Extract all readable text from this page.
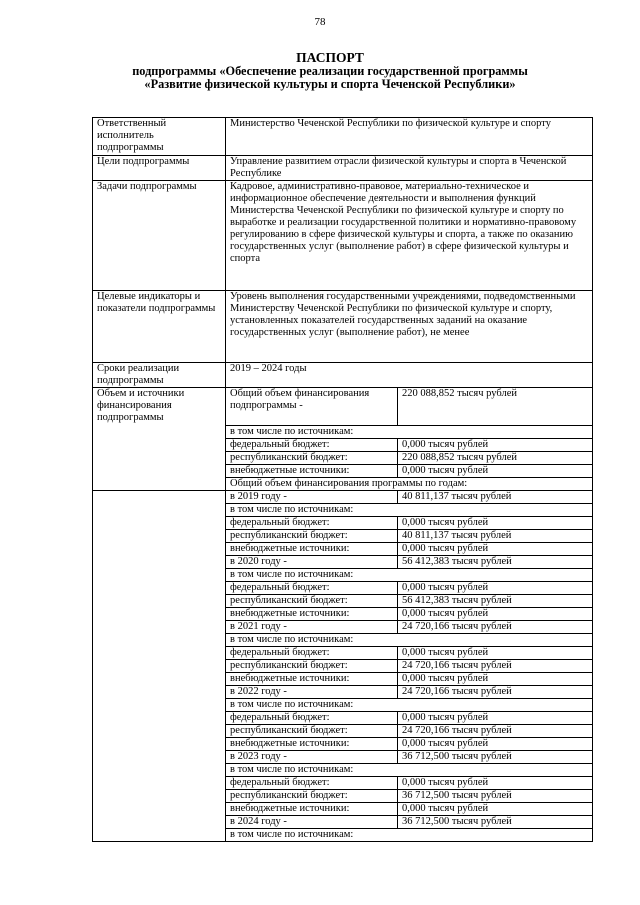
78
ПАСПОРТ
подпрограммы «Обеспечение реализации государственной программы
«Развитие физической культуры и спорта Чеченской Республики»
Ответственный исполнитель подпрограммы	Министерство Чеченской Республики по физической культуре и спорту	
Цели подпрограммы	Управление развитием отрасли физической культуры и спорта в Чеченской Республике	
Задачи подпрограммы	Кадровое, административно-правовое, материально-техническое и информационное обеспечение деятельности и выполнения функций Министерства Чеченской Республики по физической культуре и спорту по выработке и реализации государственной политики и нормативно-правовому регулированию в сфере физической культуры и спорта, а также по оказанию государственных услуг (выполнение работ) в сфере физической культуры и спорта	
Целевые индикаторы и показатели подпрограммы	Уровень выполнения государственными учреждениями, подведомственными Министерству Чеченской Республики по физической культуре и спорту, установленных показателей государственных заданий на оказание государственных услуг (выполнение работ), не менее	
Сроки реализации подпрограммы	2019 – 2024 годы	
Объем и источники финансирования подпрограммы	Общий объем финансирования подпрограммы -	220 088,852 тысяч рублей
	в том числе по источникам:	
	федеральный бюджет:	0,000 тысяч рублей
	республиканский бюджет:	220 088,852 тысяч рублей
	внебюджетные источники:	0,000 тысяч рублей
	Общий объем финансирования программы по годам:	
	в 2019 году -	40 811,137 тысяч рублей
	в том числе по источникам:	
	федеральный бюджет:	0,000 тысяч рублей
	республиканский бюджет:	40 811,137 тысяч рублей
	внебюджетные источники:	0,000 тысяч рублей
	в 2020 году -	56 412,383 тысяч рублей
	в том числе по источникам:	
	федеральный бюджет:	0,000 тысяч рублей
	республиканский бюджет:	56 412,383 тысяч рублей
	внебюджетные источники:	0,000 тысяч рублей
	в 2021 году -	24 720,166 тысяч рублей
	в том числе по источникам:	
	федеральный бюджет:	0,000 тысяч рублей
	республиканский бюджет:	24 720,166 тысяч рублей
	внебюджетные источники:	0,000 тысяч рублей
	в 2022 году -	24 720,166 тысяч рублей
	в том числе по источникам:	
	федеральный бюджет:	0,000 тысяч рублей
	республиканский бюджет:	24 720,166 тысяч рублей
	внебюджетные источники:	0,000 тысяч рублей
	в 2023 году -	36 712,500 тысяч рублей
	в том числе по источникам:	
	федеральный бюджет:	0,000 тысяч рублей
	республиканский бюджет:	36 712,500 тысяч рублей
	внебюджетные источники:	0,000 тысяч рублей
	в 2024 году -	36 712,500 тысяч рублей
	в том числе по источникам:	
